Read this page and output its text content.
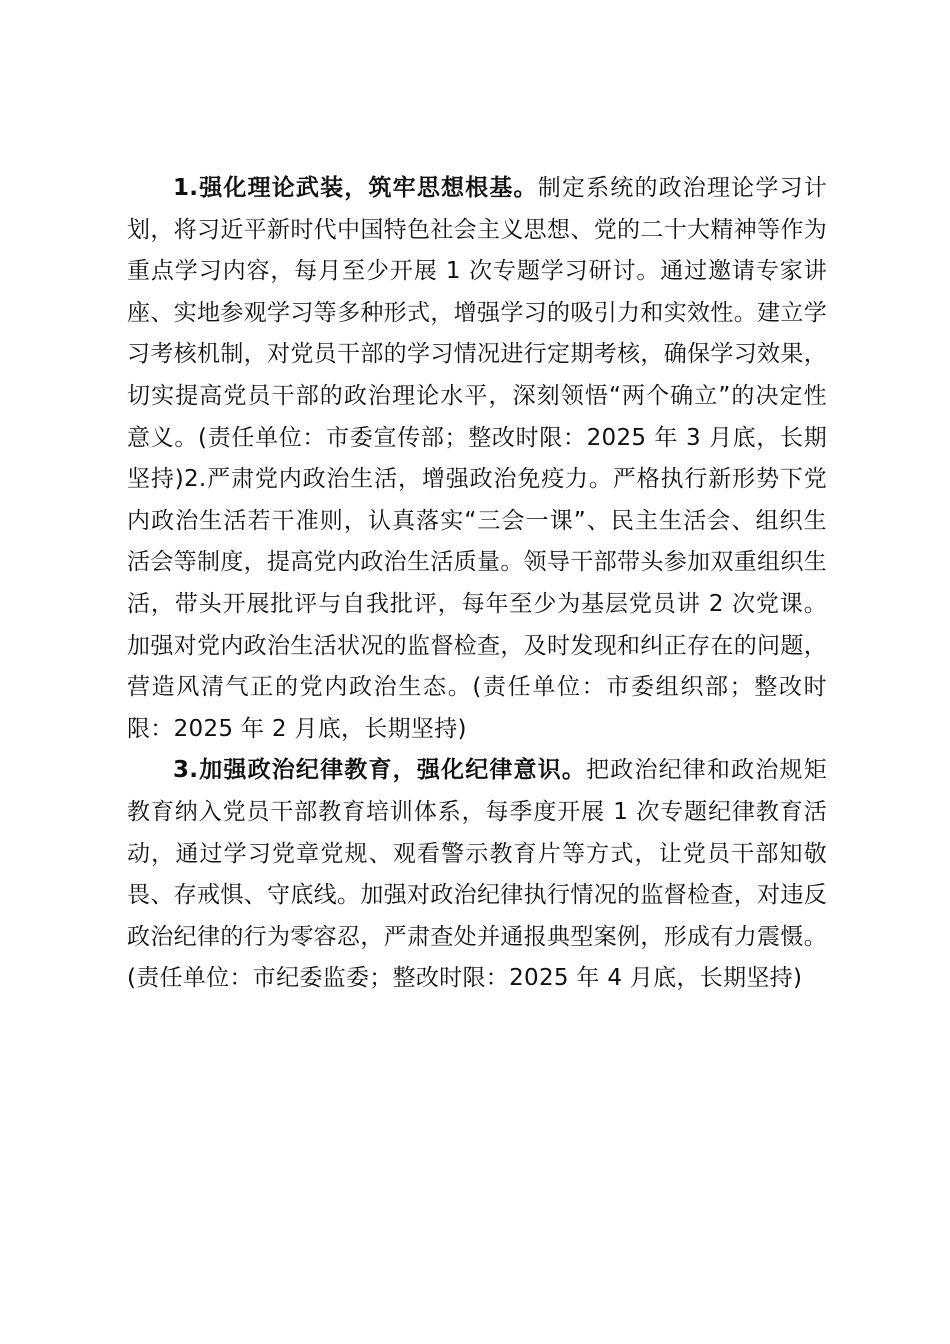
1.强化理论武装，筑牢思想根基。制定系统的政治理论学习计划，将习近平新时代中国特色社会主义思想、党的二十大精神等作为重点学习内容，每月至少开展 1 次专题学习研讨。通过邀请专家讲座、实地参观学习等多种形式，增强学习的吸引力和实效性。建立学习考核机制，对党员干部的学习情况进行定期考核，确保学习效果，切实提高党员干部的政治理论水平，深刻领悟“两个确立”的决定性意义。(责任单位：市委宣传部；整改时限：2025 年 3 月底，长期坚持)2.严肃党内政治生活，增强政治免疫力。严格执行新形势下党内政治生活若干准则，认真落实“三会一课”、民主生活会、组织生活会等制度，提高党内政治生活质量。领导干部带头参加双重组织生活，带头开展批评与自我批评，每年至少为基层党员讲 2 次党课。加强对党内政治生活状况的监督检查，及时发现和纠正存在的问题，营造风清气正的党内政治生态。(责任单位：市委组织部；整改时限：2025 年 2 月底，长期坚持)

3.加强政治纪律教育，强化纪律意识。把政治纪律和政治规矩教育纳入党员干部教育培训体系，每季度开展 1 次专题纪律教育活动，通过学习党章党规、观看警示教育片等方式，让党员干部知敬畏、存戒惧、守底线。加强对政治纪律执行情况的监督检查，对违反政治纪律的行为零容忍，严肃查处并通报典型案例，形成有力震慑。(责任单位：市纪委监委；整改时限：2025 年 4 月底，长期坚持)
